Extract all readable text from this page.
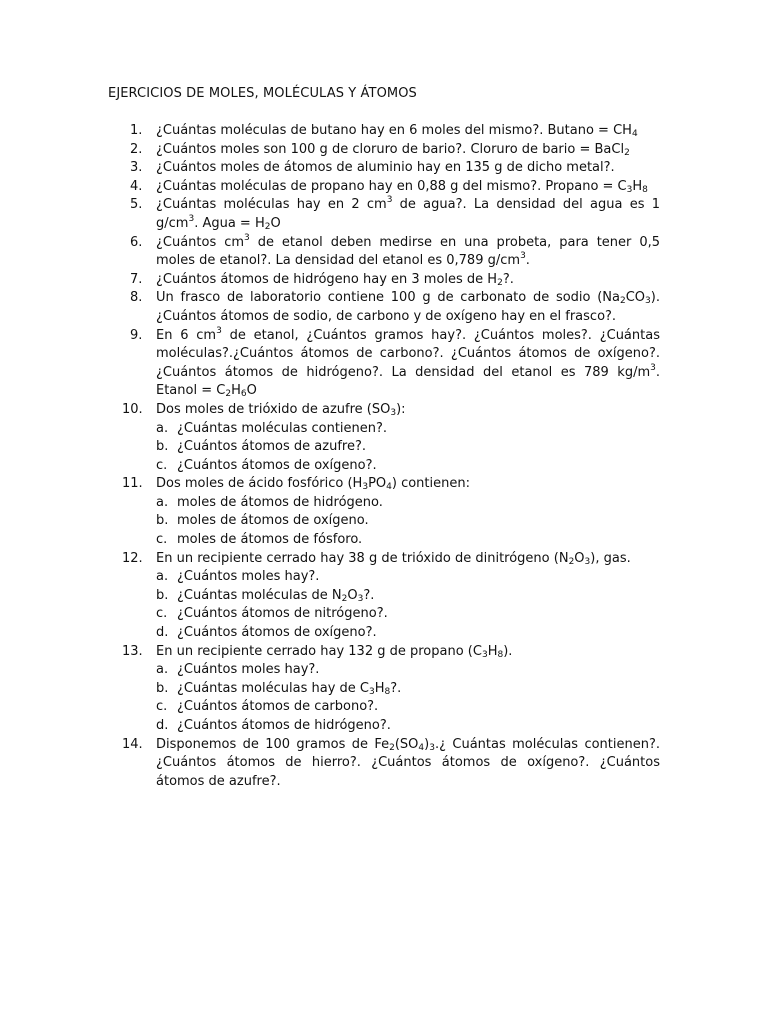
EJERCICIOS DE MOLES, MOLÉCULAS Y ÁTOMOS
1. ¿Cuántas moléculas de butano hay en 6 moles del mismo?. $Butano = CH_4$
2. ¿Cuántos moles son 100 g de cloruro de bario?. Cloruro de bario = BaCl$_2$
3. ¿Cuántos moles de átomos de aluminio hay en 135 g de dicho metal?.
4. ¿Cuántas moléculas de propano hay en 0,88 g del mismo?. Propano = $C_3H_8$
5. ¿Cuántas moléculas hay en 2 $cm^3$ de agua?. La densidad del agua es 1 $g/cm^3$. Agua = $H_2O$
6. ¿Cuántos $cm^3$ de etanol deben medirse en una probeta, para tener 0,5 moles de etanol?. La densidad del etanol es 0,789 $g/cm^3$.
7. ¿Cuántos átomos de hidrógeno hay en 3 moles de $H_2$?.
8. Un frasco de laboratorio contiene 100 g de carbonato de sodio $(Na_2CO_3)$. ¿Cuántos átomos de sodio, de carbono y de oxígeno hay en el frasco?.
9. En 6 $cm^3$ de etanol, ¿Cuántos gramos hay?. ¿Cuántos moles?. ¿Cuántas moléculas?.¿Cuántos átomos de carbono?. ¿Cuántos átomos de oxígeno?. ¿Cuántos átomos de hidrógeno?. La densidad del etanol es 789 $kg/m^3$. Etanol = $C_2H_6O$
10. Dos moles de trióxido de azufre $(SO_3)$:
a. ¿Cuántas moléculas contienen?.
b. ¿Cuántos átomos de azufre?.
c. ¿Cuántos átomos de oxígeno?.
11. Dos moles de ácido fosfórico $(H_3PO_4)$ contienen:
a. moles de átomos de hidrógeno.
b. moles de átomos de oxígeno.
c. moles de átomos de fósforo.
12. En un recipiente cerrado hay 38 g de trióxido de dinitrógeno $(N_2O_3)$, gas.
a. ¿Cuántos moles hay?.
b. ¿Cuántas moléculas de $N_2O_3$?.
c. ¿Cuántos átomos de nitrógeno?.
d. ¿Cuántos átomos de oxígeno?.
13. En un recipiente cerrado hay 132 g de propano $(C_3H_8)$.
a. ¿Cuántos moles hay?.
b. ¿Cuántas moléculas hay de $C_3H_8$?.
c. ¿Cuántos átomos de carbono?.
d. ¿Cuántos átomos de hidrógeno?.
14. Disponemos de 100 gramos de $Fe_2(SO_4)_3.¿$ Cuántas moléculas contienen?. ¿Cuántos átomos de hierro?. ¿Cuántos átomos de oxígeno?. ¿Cuántos átomos de azufre?.
